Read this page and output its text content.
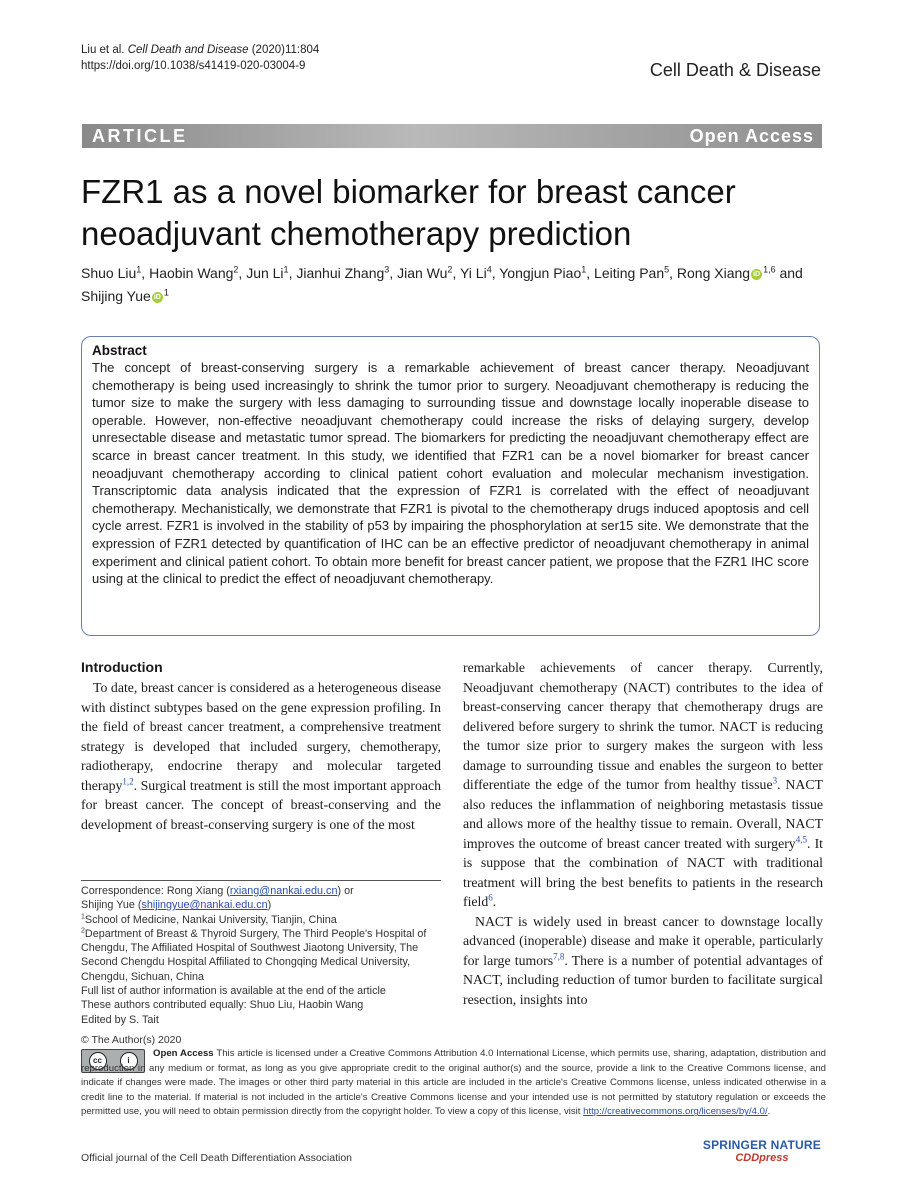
Liu et al. Cell Death and Disease (2020)11:804
https://doi.org/10.1038/s41419-020-03004-9	Cell Death & Disease
ARTICLE	Open Access
FZR1 as a novel biomarker for breast cancer neoadjuvant chemotherapy prediction
Shuo Liu$^1$, Haobin Wang$^2$, Jun Li$^1$, Jianhui Zhang$^3$, Jian Wu$^2$, Yi Li$^4$, Yongjun Piao$^1$, Leiting Pan$^5$, Rong Xiang iD $^{1,6}$ and Shijing Yue iD $^1$
Abstract

The concept of breast-conserving surgery is a remarkable achievement of breast cancer therapy. Neoadjuvant chemotherapy is being used increasingly to shrink the tumor prior to surgery. Neoadjuvant chemotherapy is reducing the tumor size to make the surgery with less damaging to surrounding tissue and downstage locally inoperable disease to operable. However, non-effective neoadjuvant chemotherapy could increase the risks of delaying surgery, develop unresectable disease and metastatic tumor spread. The biomarkers for predicting the neoadjuvant chemotherapy effect are scarce in breast cancer treatment. In this study, we identified that FZR1 can be a novel biomarker for breast cancer neoadjuvant chemotherapy according to clinical patient cohort evaluation and molecular mechanism investigation. Transcriptomic data analysis indicated that the expression of FZR1 is correlated with the effect of neoadjuvant chemotherapy. Mechanistically, we demonstrate that FZR1 is pivotal to the chemotherapy drugs induced apoptosis and cell cycle arrest. FZR1 is involved in the stability of p53 by impairing the phosphorylation at ser15 site. We demonstrate that the expression of FZR1 detected by quantification of IHC can be an effective predictor of neoadjuvant chemotherapy in animal experiment and clinical patient cohort. To obtain more benefit for breast cancer patient, we propose that the FZR1 IHC score using at the clinical to predict the effect of neoadjuvant chemotherapy.

Introduction

To date, breast cancer is considered as a heterogeneous disease with distinct subtypes based on the gene expression profiling. In the field of breast cancer treatment, a comprehensive treatment strategy is developed that included surgery, chemotherapy, radiotherapy, endocrine therapy and molecular targeted therapy$^{1,2}$. Surgical treatment is still the most important approach for breast cancer. The concept of breast-conserving and the development of breast-conserving surgery is one of the most

Correspondence: Rong Xiang (rxiang@nankai.edu.cn) or
Shijing Yue (shijingyue@nankai.edu.cn)
$^1$School of Medicine, Nankai University, Tianjin, China
$^2$Department of Breast & Thyroid Surgery, The Third People's Hospital of Chengdu, The Affiliated Hospital of Southwest Jiaotong University, The Second Chengdu Hospital Affiliated to Chongqing Medical University, Chengdu, Sichuan, China
Full list of author information is available at the end of the article
These authors contributed equally: Shuo Liu, Haobin Wang
Edited by S. Tait

remarkable achievements of cancer therapy. Currently, Neoadjuvant chemotherapy (NACT) contributes to the idea of breast-conserving cancer therapy that chemotherapy drugs are delivered before surgery to shrink the tumor. NACT is reducing the tumor size prior to surgery makes the surgeon with less damage to surrounding tissue and enables the surgeon to better differentiate the edge of the tumor from healthy tissue$^3$. NACT also reduces the inflammation of neighboring metastasis tissue and allows more of the healthy tissue to remain. Overall, NACT improves the outcome of breast cancer treated with surgery$^{4,5}$. It is suppose that the combination of NACT with traditional treatment will bring the best benefits to patients in the research field$^6$.

NACT is widely used in breast cancer to downstage locally advanced (inoperable) disease and make it operable, particularly for large tumors$^{7,8}$. There is a number of potential advantages of NACT, including reduction of tumor burden to facilitate surgical resection, insights into

© The Author(s) 2020
cc	i
Open Access This article is licensed under a Creative Commons Attribution 4.0 International License, which permits use, sharing, adaptation, distribution and reproduction in any medium or format, as long as you give appropriate credit to the original author(s) and the source, provide a link to the Creative Commons license, and indicate if changes were made. The images or other third party material in this article are included in the article's Creative Commons license, unless indicated otherwise in a credit line to the material. If material is not included in the article's Creative Commons license and your intended use is not permitted by statutory regulation or exceeds the permitted use, you will need to obtain permission directly from the copyright holder. To view a copy of this license, visit http://creativecommons.org/licenses/by/4.0/.
Official journal of the Cell Death Differentiation Association
SPRINGER NATURE
CDDpress
